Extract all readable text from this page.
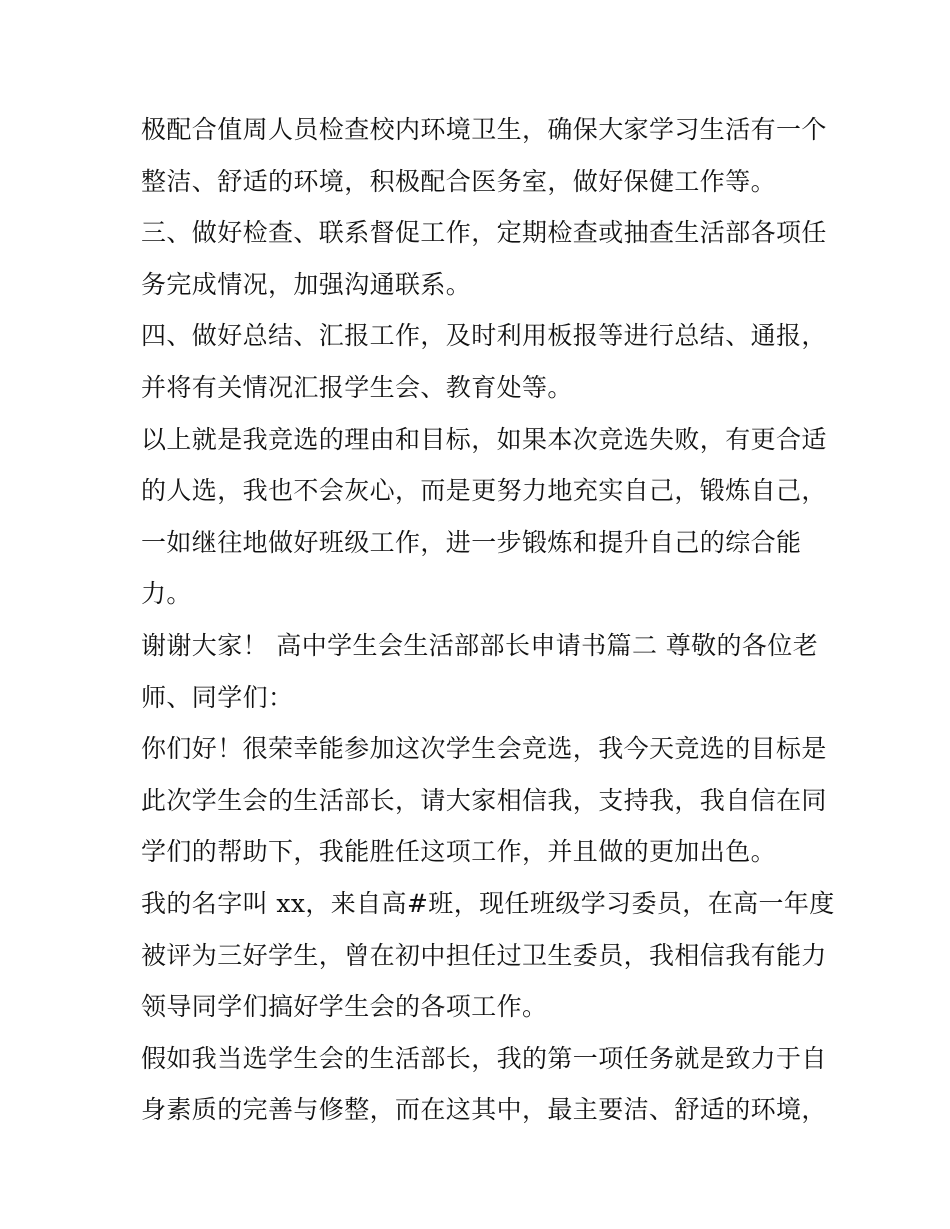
极配合值周人员检查校内环境卫生，确保大家学习生活有一个
整洁、舒适的环境，积极配合医务室，做好保健工作等。
三、做好检查、联系督促工作，定期检查或抽查生活部各项任
务完成情况，加强沟通联系。
四、做好总结、汇报工作，及时利用板报等进行总结、通报，
并将有关情况汇报学生会、教育处等。
以上就是我竞选的理由和目标，如果本次竞选失败，有更合适
的人选，我也不会灰心，而是更努力地充实自己，锻炼自己，
一如继往地做好班级工作，进一步锻炼和提升自己的综合能
力。
谢谢大家！ 高中学生会生活部部长申请书篇二 尊敬的各位老
师、同学们：
你们好！很荣幸能参加这次学生会竞选，我今天竞选的目标是
此次学生会的生活部长，请大家相信我，支持我，我自信在同
学们的帮助下，我能胜任这项工作，并且做的更加出色。
我的名字叫 xx，来自高#班，现任班级学习委员，在高一年度
被评为三好学生，曾在初中担任过卫生委员，我相信我有能力
领导同学们搞好学生会的各项工作。
假如我当选学生会的生活部长，我的第一项任务就是致力于自
身素质的完善与修整，而在这其中，最主要洁、舒适的环境，
